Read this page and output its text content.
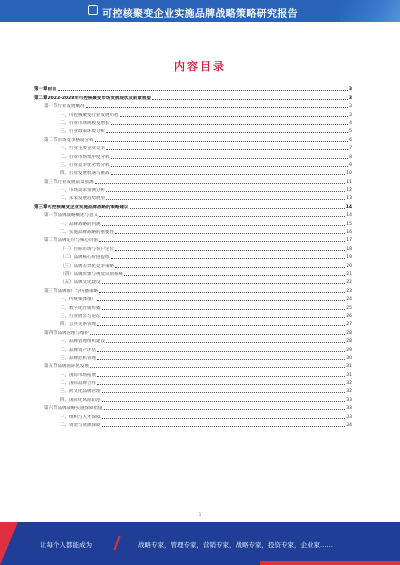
可控核聚变企业实施品牌战略策略研究报告
内容目录
第一章 前言	3
第二章 2023-2028年可控核聚变市场发展现状及前景展望	3
第一节 行业发展概况	3
一、 可控核聚变行业发展历程	3
二、 行业市场规模及增长	4
三、 行业政策环境分析	5
第二节 市场竞争格局分析	6
一、 行业主要企业竞争	7
二、 行业市场集中度分析	8
三、 行业竞争优劣势分析	9
四、 行业发展机遇与挑战	10
第三节 行业发展前景预测	11
一、 市场需求预测分析	12
二、 未来发展趋势展望	13
第三章 可控核聚变企业实施品牌战略的策略建议	14
第一节 品牌战略概述与意义	14
一、 品牌战略的内涵	15
二、 实施品牌战略的重要性	16
第二节 品牌定位与核心价值	17
（一） 目标市场与客户定位	18
（二） 品牌核心价值提炼	19
（三） 品牌差异化竞争策略	20
（四） 品牌形象与视觉识别系统	21
（五） 品牌文化建设	22
第三节 品牌推广与传播策略	23
一、 传统媒体推广	24
二、 数字化营销传播	25
三、 行业展会与论坛	26
四、 公共关系管理	27
第四节 品牌管理与维护	28
一、 品牌管理组织建设	28
二、 品牌资产评估	29
三、 品牌危机管理	30
第五节 品牌国际化发展	31
一、 国际市场拓展	31
二、 国际品牌合作	32
三、 跨文化品牌管理	32
四、 国际化风险防范	33
第六节 品牌战略实施保障措施	33
一、 组织与人才保障	33
二、 资金与资源保障	34
1
让每个人都能成为	战略专家，管理专家，营销专家，战略专家，投资专家，企业家……
